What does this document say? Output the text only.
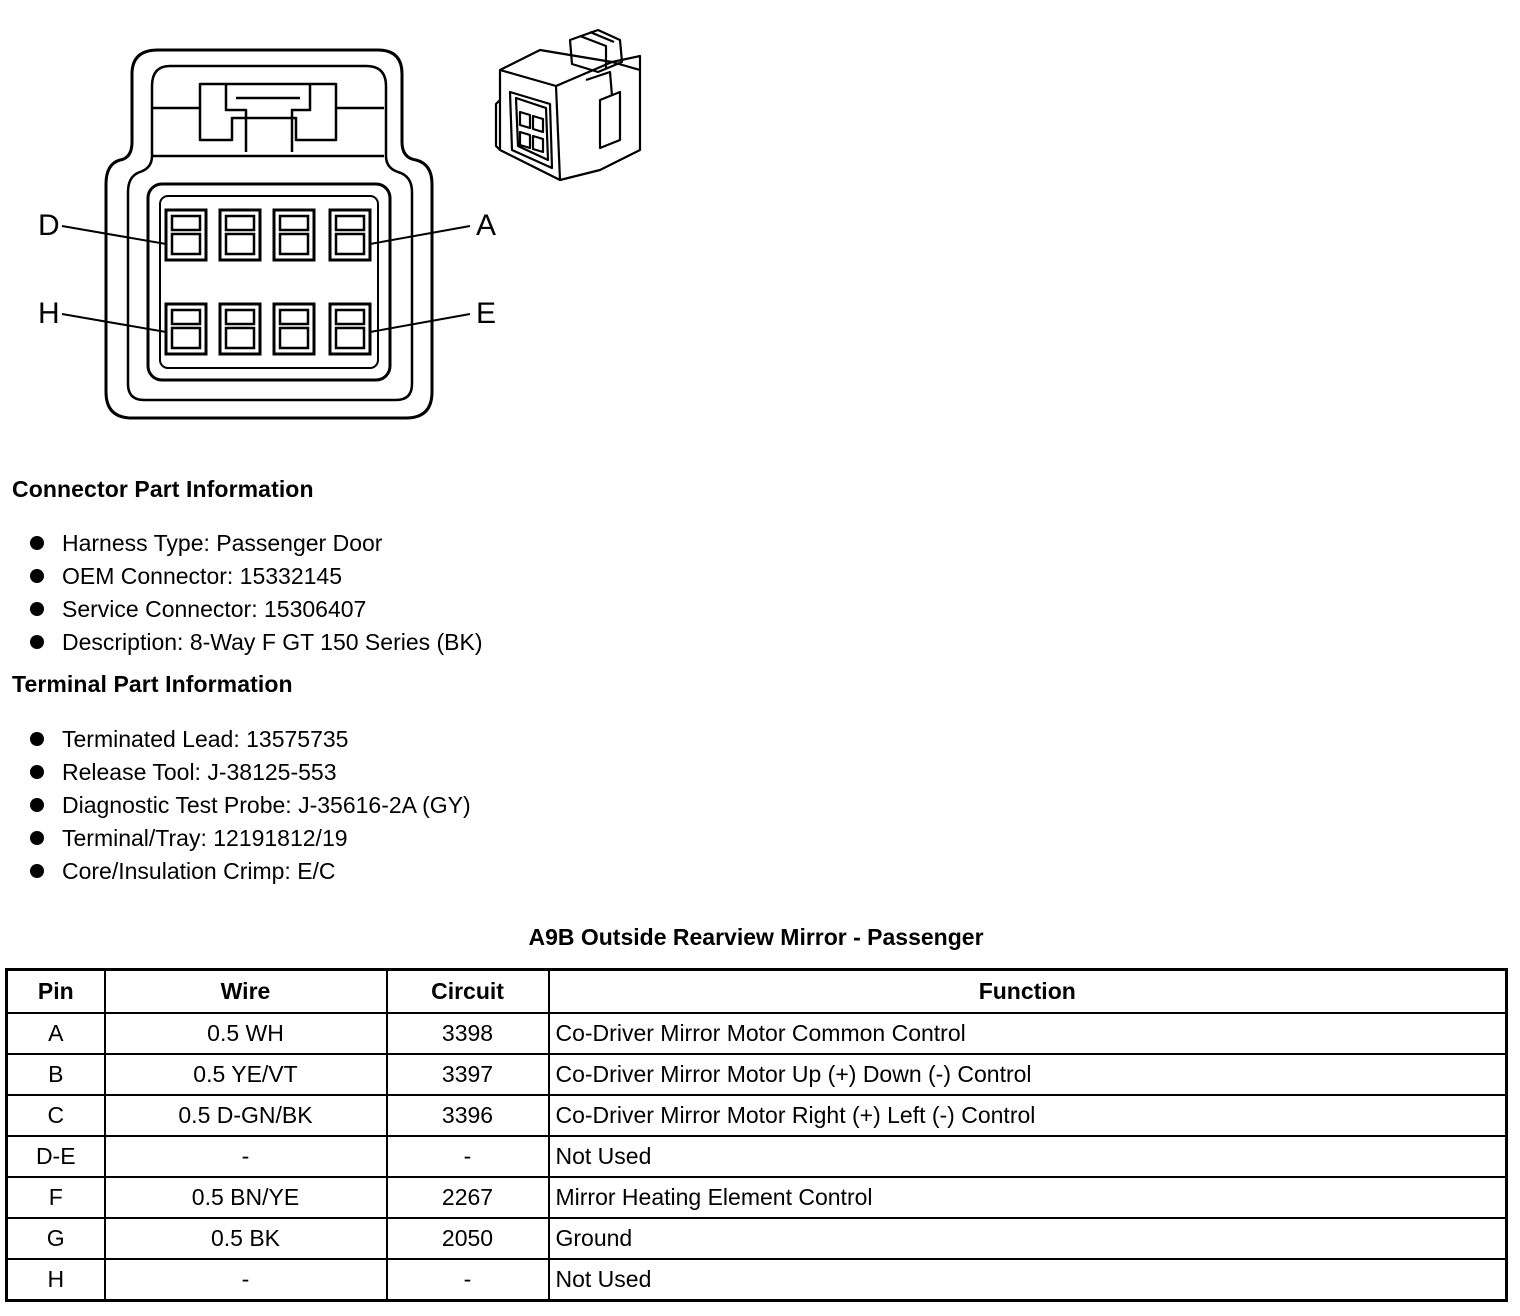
D	A
H	E
Connector Part Information
Harness Type: Passenger Door
OEM Connector: 15332145
Service Connector: 15306407
Description: 8-Way F GT 150 Series (BK)
Terminal Part Information
Terminated Lead: 13575735
Release Tool: J-38125-553
Diagnostic Test Probe: J-35616-2A (GY)
Terminal/Tray: 12191812/19
Core/Insulation Crimp: E/C
A9B Outside Rearview Mirror - Passenger
Pin	Wire	Circuit	Function
A	0.5 WH	3398	Co-Driver Mirror Motor Common Control
B	0.5 YE/VT	3397	Co-Driver Mirror Motor Up (+) Down (-) Control
C	0.5 D-GN/BK	3396	Co-Driver Mirror Motor Right (+) Left (-) Control
D-E	-	-	Not Used
F	0.5 BN/YE	2267	Mirror Heating Element Control
G	0.5 BK	2050	Ground
H	-	-	Not Used
